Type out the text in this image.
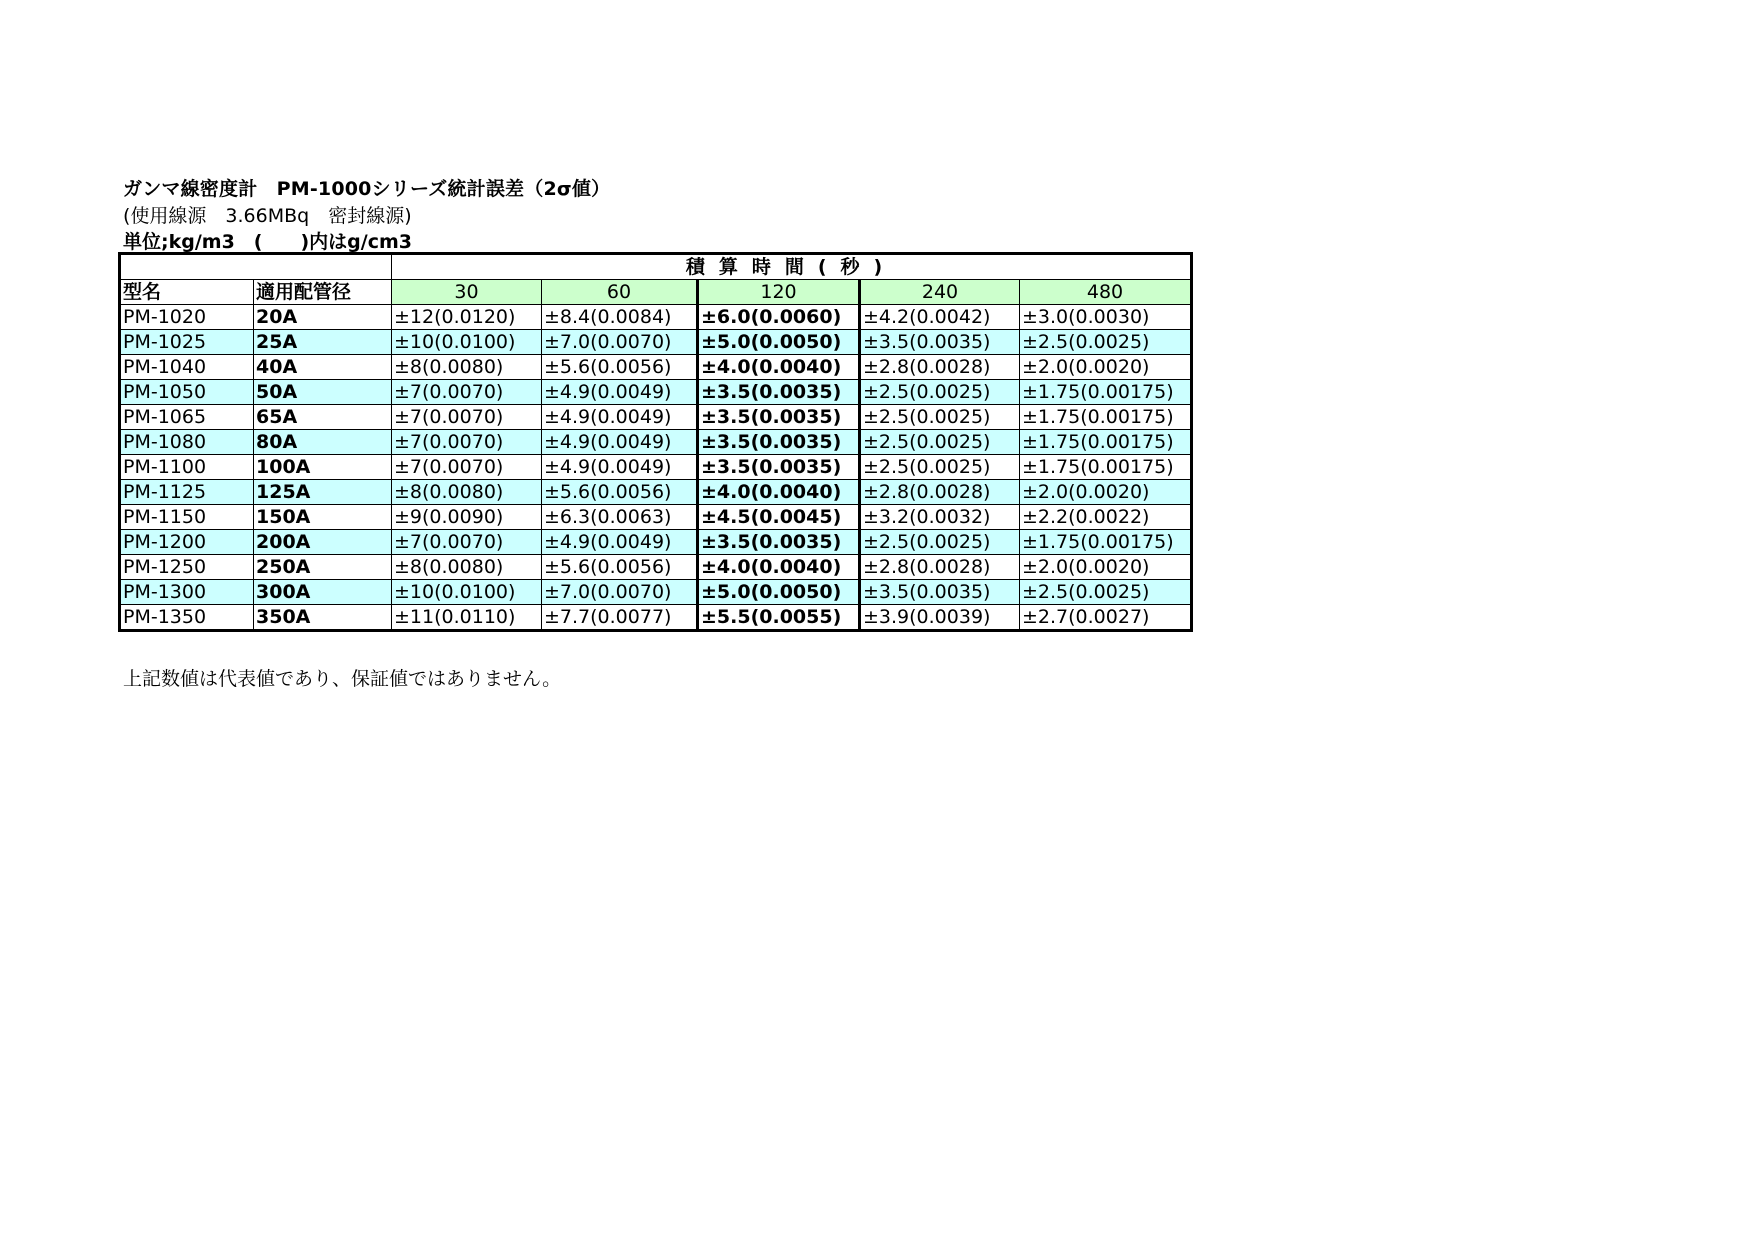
ガンマ線密度計　PM-1000シリーズ統計誤差（2σ値）
(使用線源　3.66MBq　密封線源)
単位;kg/m3　(　　)内はg/cm3
		積算時間(秒)				
型名	適用配管径	30	60	120	240	480
PM-1020	20A	±12(0.0120)	±8.4(0.0084)	±6.0(0.0060)	±4.2(0.0042)	±3.0(0.0030)
PM-1025	25A	±10(0.0100)	±7.0(0.0070)	±5.0(0.0050)	±3.5(0.0035)	±2.5(0.0025)
PM-1040	40A	±8(0.0080)	±5.6(0.0056)	±4.0(0.0040)	±2.8(0.0028)	±2.0(0.0020)
PM-1050	50A	±7(0.0070)	±4.9(0.0049)	±3.5(0.0035)	±2.5(0.0025)	±1.75(0.00175)
PM-1065	65A	±7(0.0070)	±4.9(0.0049)	±3.5(0.0035)	±2.5(0.0025)	±1.75(0.00175)
PM-1080	80A	±7(0.0070)	±4.9(0.0049)	±3.5(0.0035)	±2.5(0.0025)	±1.75(0.00175)
PM-1100	100A	±7(0.0070)	±4.9(0.0049)	±3.5(0.0035)	±2.5(0.0025)	±1.75(0.00175)
PM-1125	125A	±8(0.0080)	±5.6(0.0056)	±4.0(0.0040)	±2.8(0.0028)	±2.0(0.0020)
PM-1150	150A	±9(0.0090)	±6.3(0.0063)	±4.5(0.0045)	±3.2(0.0032)	±2.2(0.0022)
PM-1200	200A	±7(0.0070)	±4.9(0.0049)	±3.5(0.0035)	±2.5(0.0025)	±1.75(0.00175)
PM-1250	250A	±8(0.0080)	±5.6(0.0056)	±4.0(0.0040)	±2.8(0.0028)	±2.0(0.0020)
PM-1300	300A	±10(0.0100)	±7.0(0.0070)	±5.0(0.0050)	±3.5(0.0035)	±2.5(0.0025)
PM-1350	350A	±11(0.0110)	±7.7(0.0077)	±5.5(0.0055)	±3.9(0.0039)	±2.7(0.0027)
上記数値は代表値であり、保証値ではありません。
